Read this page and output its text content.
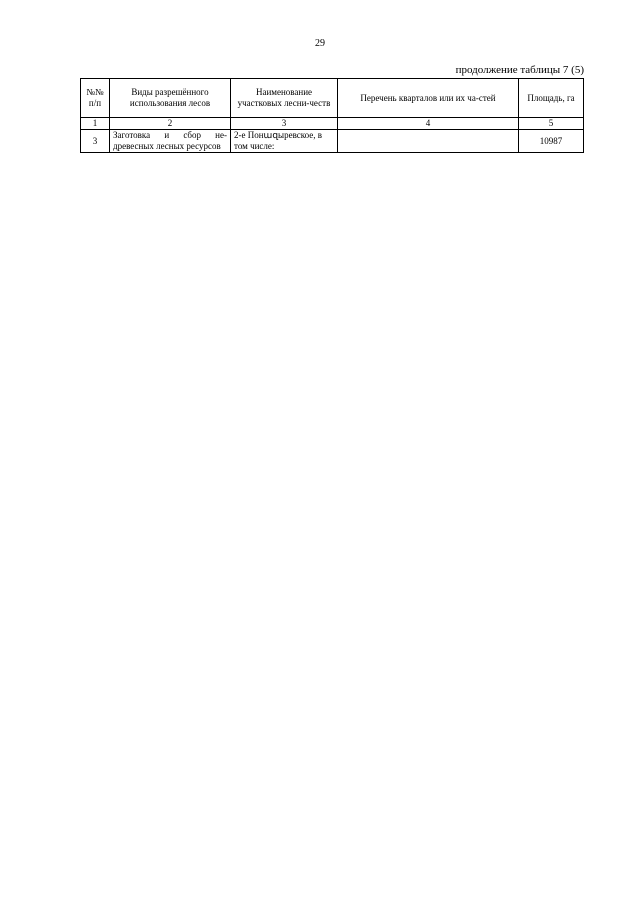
29
продолжение таблицы 7 (5)
№№ п/п	Виды разрешённого использования лесов	Наименование участковых лесни-честв	Перечень кварталов или их ча-стей	Площадь, га
1	2	3	4	5
3	Заготовка и сбор не-древесных лесных ресурсов	2-е Понազырeвское, в том числе:		10987
